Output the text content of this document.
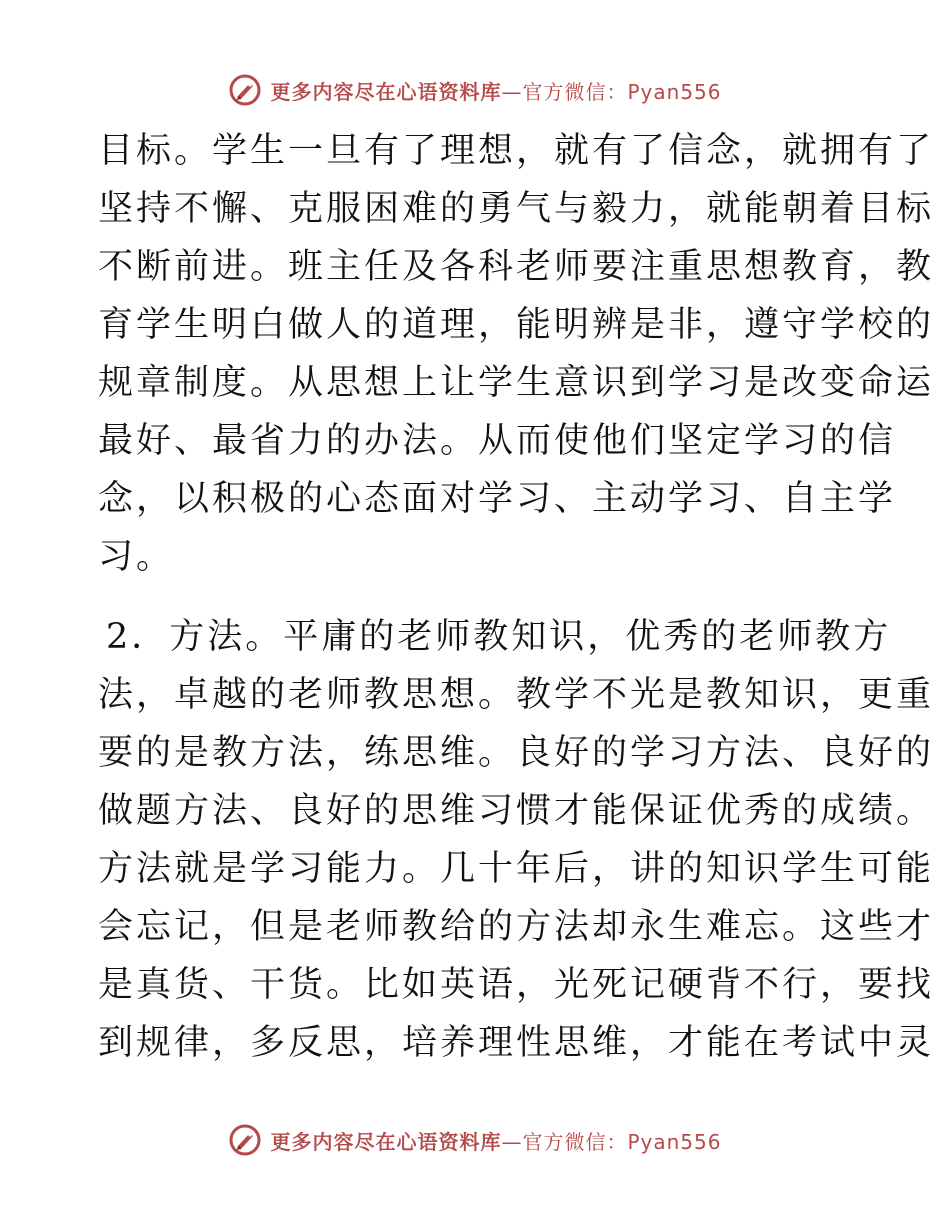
更多内容尽在心语资料库—官方微信：Pyan556
目标。学生一旦有了理想，就有了信念，就拥有了
坚持不懈、克服困难的勇气与毅力，就能朝着目标
不断前进。班主任及各科老师要注重思想教育，教
育学生明白做人的道理，能明辨是非，遵守学校的
规章制度。从思想上让学生意识到学习是改变命运
最好、最省力的办法。从而使他们坚定学习的信
念，以积极的心态面对学习、主动学习、自主学
习。
2．方法。平庸的老师教知识，优秀的老师教方
法，卓越的老师教思想。教学不光是教知识，更重
要的是教方法，练思维。良好的学习方法、良好的
做题方法、良好的思维习惯才能保证优秀的成绩。
方法就是学习能力。几十年后，讲的知识学生可能
会忘记，但是老师教给的方法却永生难忘。这些才
是真货、干货。比如英语，光死记硬背不行，要找
到规律，多反思，培养理性思维，才能在考试中灵
更多内容尽在心语资料库—官方微信：Pyan556
